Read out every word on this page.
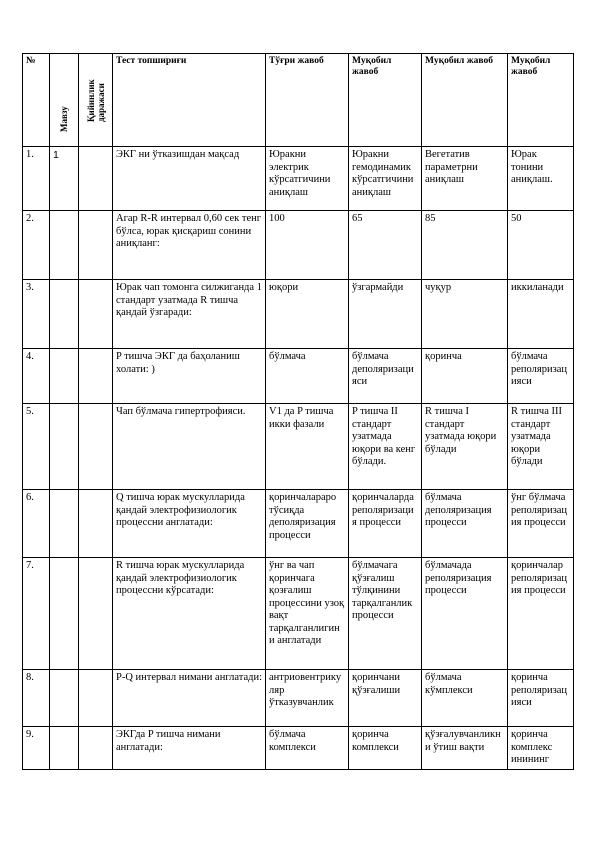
№	Мавзу	Қийинлик даражаси	Тест топшириғи	Тўғри жавоб	Муқобил жавоб	Муқобил жавоб	Муқобил жавоб
1.	1		ЭКГ ни ўтказишдан мақсад	Юракни электрик кўрсатгичини аниқлаш	Юракни гемодинамик кўрсатгичини аниқлаш	Вегетатив параметрни аниқлаш	Юрак тонини аниқлаш.
2.			Агар R-R интервал 0,60 сек тенг бўлса, юрак қисқариш сонини аниқланг:	100	65	85	50
3.			Юрак чап томонга силжиганда 1 стандарт узатмада R тишча қандай ўзгаради:	юқори	ўзгармайди	чуқур	иккиланади
4.			P тишча ЭКГ да баҳоланиш холати: )	бўлмача	бўлмача деполяризацияси	қоринча	бўлмача реполяризацияси
5.			Чап бўлмача гипертрофияси.	V1 да P тишча икки фазали	P тишча II стандарт узатмада юқори ва кенг бўлади.	R тишча I стандарт узатмада юқори бўлади	R тишча III стандарт узатмада юқори бўлади
6.			Q тишча юрак мускулларида қандай электрофизиологик процессни англатади:	қоринчаларaро тўсиқда деполяризация процесси	қоринчаларда реполяризация процесси	бўлмача деполяризация процесси	ўнг бўлмача реполяризация процесси
7.			R тишча юрак мускулларида қандай электрофизиологик процессни кўрсатади:	ўнг ва чап қоринчага қозғалиш процессини узоқ вақт тарқалганлигини англатади	бўлмачага қўзғалиш тўлқинини тарқалганлик процесси	бўлмачада реполяризация процесси	қоринчалар реполяризация процесси
8.			P-Q интервал нимани англатади:	антриовентрикуляр ўтказувчанлик	қоринчани қўзғалиши	бўлмача кўмплекси	қоринча реполяризацияси
9.			ЭКГда P тишча нимани англатади:	бўлмача комплекси	қоринча комплекси	қўзғалувчанликни ўтиш вақти	қоринча комплекс инининг
